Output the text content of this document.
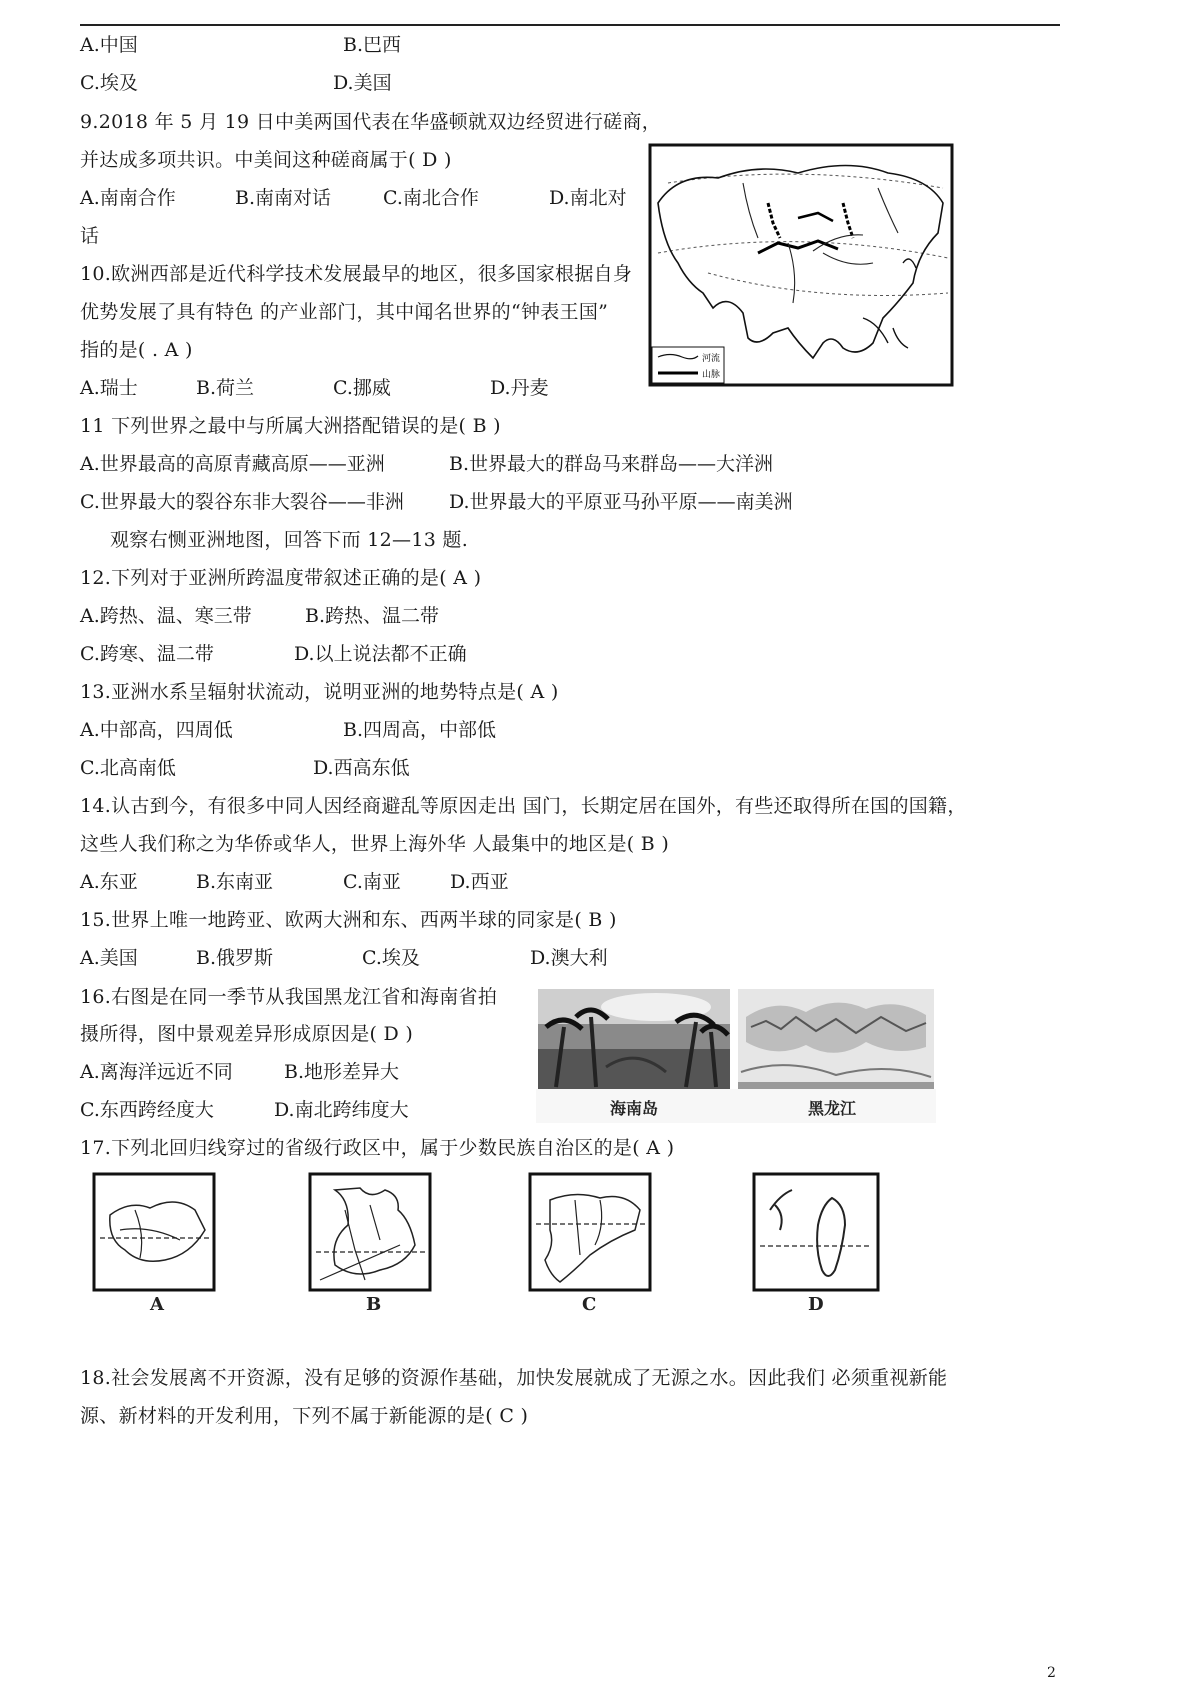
A.中国	B.巴西
C.埃及	D.美国
9.2018 年 5 月 19 日中美两国代表在华盛顿就双边经贸进行磋商，
并达成多项共识。中美间这种磋商属于( D )
A.南南合作	B.南南对话	C.南北合作	D.南北对
话
10.欧洲西部是近代科学技术发展最早的地区，很多国家根据自身
优势发展了具有特色 的产业部门，其中闻名世界的“钟表王国”
指的是( . A )
A.瑞士	B.荷兰	C.挪威	D.丹麦
河流
山脉
11 下列世界之最中与所属大洲搭配错误的是( B )
A.世界最高的高原青藏高原——亚洲	B.世界最大的群岛马来群岛——大洋洲
C.世界最大的裂谷东非大裂谷——非洲 D.世界最大的平原亚马孙平原——南美洲
观察右恻亚洲地图，回答下而 12—13 题.
12.下列对于亚洲所跨温度带叙述正确的是( A )
A.跨热、温、寒三带	B.跨热、温二带
C.跨寒、温二带	D.以上说法都不正确
13.亚洲水系呈辐射状流动，说明亚洲的地势特点是( A )
A.中部高，四周低	B.四周高，中部低
C.北高南低	D.西高东低
14.认古到今，有很多中同人因经商避乱等原因走出 国门，长期定居在国外，有些还取得所在国的国籍，
这些人我们称之为华侨或华人，世界上海外华 人最集中的地区是( B )
A.东亚	B.东南亚	C.南亚	D.西亚
15.世界上唯一地跨亚、欧两大洲和东、西两半球的同家是( B )
A.美国	B.俄罗斯	C.埃及	D.澳大利
16.右图是在同一季节从我国黑龙江省和海南省拍
摄所得，图中景观差异形成原因是( D )
A.离海洋远近不同	B.地形差异大
C.东西跨经度大	D.南北跨纬度大	海南岛	黑龙江
17.下列北回归线穿过的省级行政区中，属于少数民族自治区的是( A )
A	B	C	D
18.社会发展离不开资源，没有足够的资源作基础，加快发展就成了无源之水。因此我们 必须重视新能
源、新材料的开发利用，下列不属于新能源的是( C )
2
